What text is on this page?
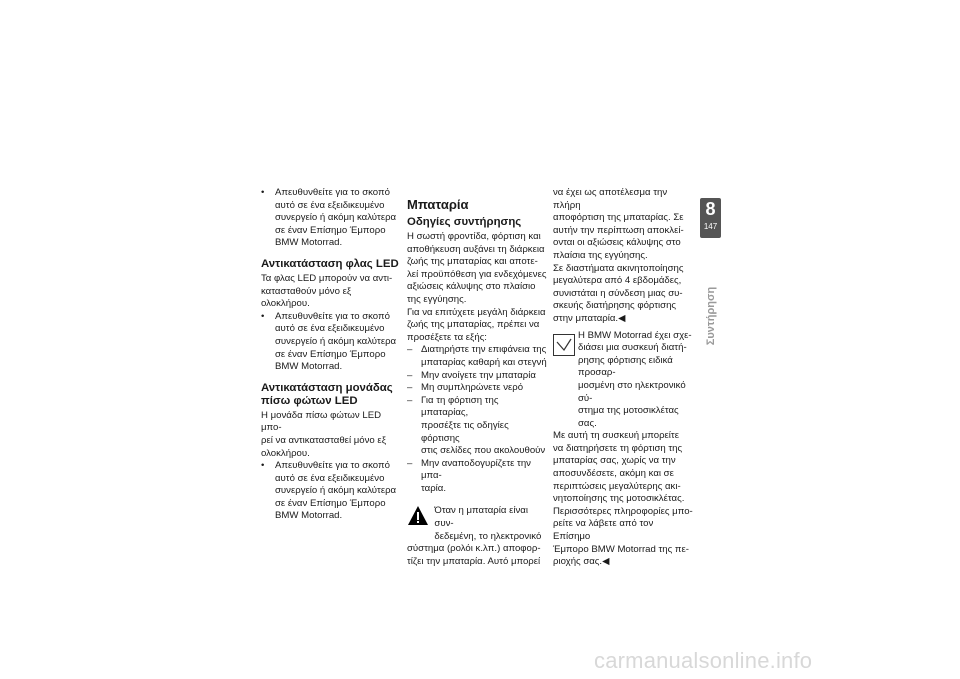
• Απευθυνθείτε για το σκοπό
αυτό σε ένα εξειδικευμένο
συνεργείο ή ακόμη καλύτερα
σε έναν Επίσημο Έμπορο
BMW Motorrad.

Αντικατάσταση φλας LED

Τα φλας LED μπορούν να αντι-
κατασταθούν μόνο εξ ολοκλήρου.

• Απευθυνθείτε για το σκοπό
αυτό σε ένα εξειδικευμένο
συνεργείο ή ακόμη καλύτερα
σε έναν Επίσημο Έμπορο
BMW Motorrad.

Αντικατάσταση μονάδας
πίσω φώτων LED

Η μονάδα πίσω φώτων LED μπο-
ρεί να αντικατασταθεί μόνο εξ
ολοκλήρου.

• Απευθυνθείτε για το σκοπό
αυτό σε ένα εξειδικευμένο
συνεργείο ή ακόμη καλύτερα
σε έναν Επίσημο Έμπορο
BMW Motorrad.

Μπαταρία

Οδηγίες συντήρησης

Η σωστή φροντίδα, φόρτιση και
αποθήκευση αυξάνει τη διάρκεια
ζωής της μπαταρίας και αποτε-
λεί προϋπόθεση για ενδεχόμενες
αξιώσεις κάλυψης στο πλαίσιο
της εγγύησης.

Για να επιτύχετε μεγάλη διάρκεια
ζωής της μπαταρίας, πρέπει να
προσέξετε τα εξής:

– Διατηρήστε την επιφάνεια της
μπαταρίας καθαρή και στεγνή

– Μην ανοίγετε την μπαταρία

– Μη συμπληρώνετε νερό

– Για τη φόρτιση της μπαταρίας,
προσέξτε τις οδηγίες φόρτισης
στις σελίδες που ακολουθούν

– Μην αναποδογυρίζετε την μπα-
ταρία.

Όταν η μπαταρία είναι συν-
δεδεμένη, το ηλεκτρονικό

σύστημα (ρολόι κ.λπ.) αποφορ-
τίζει την μπαταρία. Αυτό μπορεί

να έχει ως αποτέλεσμα την πλήρη
αποφόρτιση της μπαταρίας. Σε
αυτήν την περίπτωση αποκλεί-
ονται οι αξιώσεις κάλυψης στο
πλαίσια της εγγύησης.

Σε διαστήματα ακινητοποίησης
μεγαλύτερα από 4 εβδομάδες,
συνιστάται η σύνδεση μιας συ-
σκευής διατήρησης φόρτισης
στην μπαταρία.◀

Η BMW Motorrad έχει σχε-
διάσει μια συσκευή διατή-
ρησης φόρτισης ειδικά προσαρ-
μοσμένη στο ηλεκτρονικό σύ-
στημα της μοτοσικλέτας σας.

Με αυτή τη συσκευή μπορείτε
να διατηρήσετε τη φόρτιση της
μπαταρίας σας, χωρίς να την
αποσυνδέσετε, ακόμη και σε
περιπτώσεις μεγαλύτερης ακι-
νητοποίησης της μοτοσικλέτας.
Περισσότερες πληροφορίες μπο-
ρείτε να λάβετε από τον Επίσημο
Έμπορο BMW Motorrad της πε-
ριοχής σας.◀

8
147
Συντήρηση
carmanualsonline.info
